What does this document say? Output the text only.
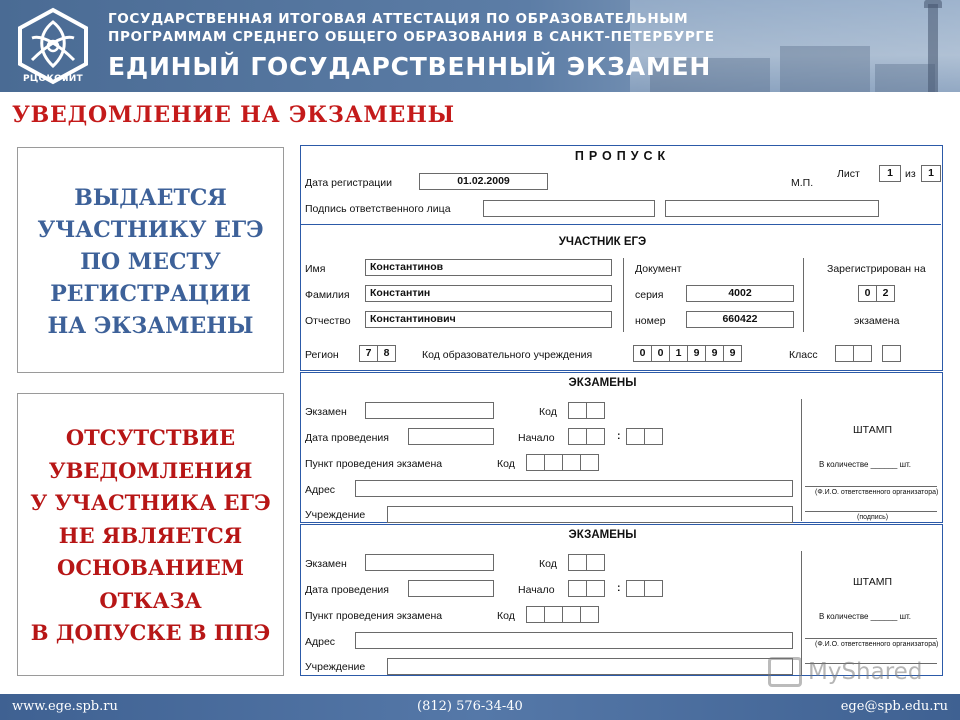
РЦОКОиИТ
ГОСУДАРСТВЕННАЯ ИТОГОВАЯ АТТЕСТАЦИЯ ПО ОБРАЗОВАТЕЛЬНЫМ
ПРОГРАММАМ СРЕДНЕГО ОБЩЕГО ОБРАЗОВАНИЯ В САНКТ-ПЕТЕРБУРГЕ
ЕДИНЫЙ ГОСУДАРСТВЕННЫЙ ЭКЗАМЕН
УВЕДОМЛЕНИЕ НА ЭКЗАМЕНЫ
ВЫДАЕТСЯ
УЧАСТНИКУ ЕГЭ
ПО МЕСТУ
РЕГИСТРАЦИИ
НА ЭКЗАМЕНЫ
ОТСУТСТВИЕ
УВЕДОМЛЕНИЯ
У УЧАСТНИКА ЕГЭ
НЕ ЯВЛЯЕТСЯ
ОСНОВАНИЕМ
ОТКАЗА
В ДОПУСКЕ В ППЭ
ПРОПУСК
Дата регистрации	01.02.2009	М.П.
Лист	1	из	1
Подпись ответственного лица
УЧАСТНИК ЕГЭ
Имя	Константинов
Фамилия	Константин
Отчество	Константинович
Документ
серия	4002
номер	660422
Зарегистрирован на
0	2
экзамена
Регион	7	8	Код образовательного учреждения	0	0	1	9	9	9	Класс
ЭКЗАМЕНЫ
Экзамен	Код
Дата проведения	Начало	:
Пункт проведения экзамена	Код
Адрес
Учреждение
ШТАМП
В количестве ______ шт.
(Ф.И.О. ответственного организатора)
(подпись)
ЭКЗАМЕНЫ
Экзамен	Код
Дата проведения	Начало	:
Пункт проведения экзамена	Код
Адрес
Учреждение
ШТАМП
В количестве ______ шт.
(Ф.И.О. ответственного организатора)
MyShared
www.ege.spb.ru	(812) 576-34-40	ege@spb.edu.ru
